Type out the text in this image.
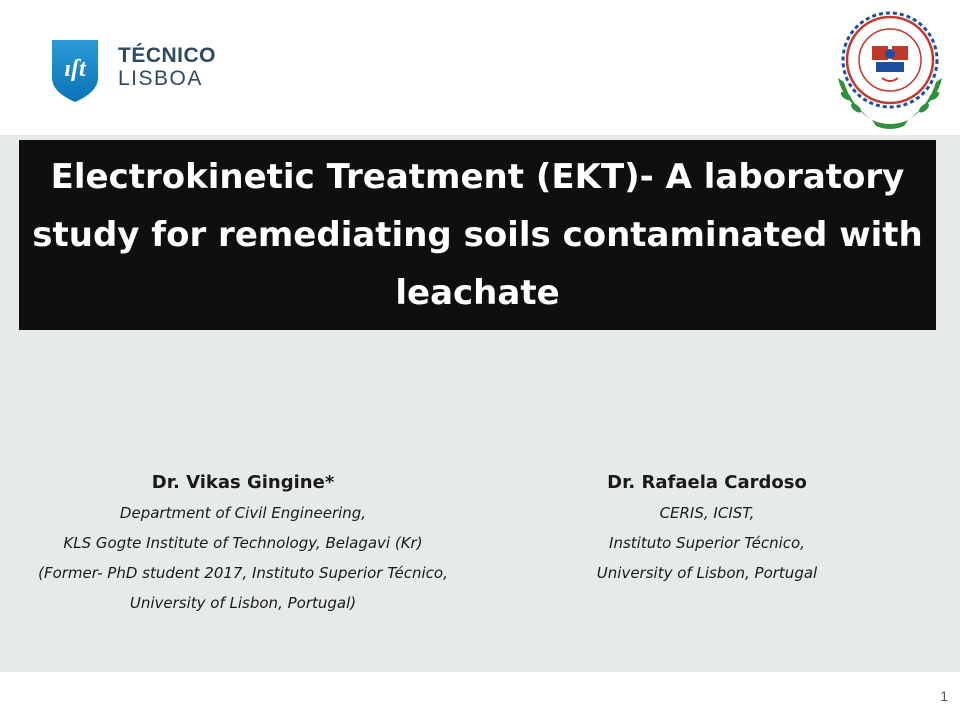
ıſt
TÉCNICO
LISBOA
Electrokinetic Treatment (EKT)- A laboratory study for remediating soils contaminated with leachate
Dr. Vikas Gingine*
Department of Civil Engineering,
KLS Gogte Institute of Technology, Belagavi (Kr)
(Former- PhD student 2017, Instituto Superior Técnico,
University of Lisbon, Portugal)
Dr. Rafaela Cardoso
CERIS, ICIST,
Instituto Superior Técnico,
University of Lisbon, Portugal
1
